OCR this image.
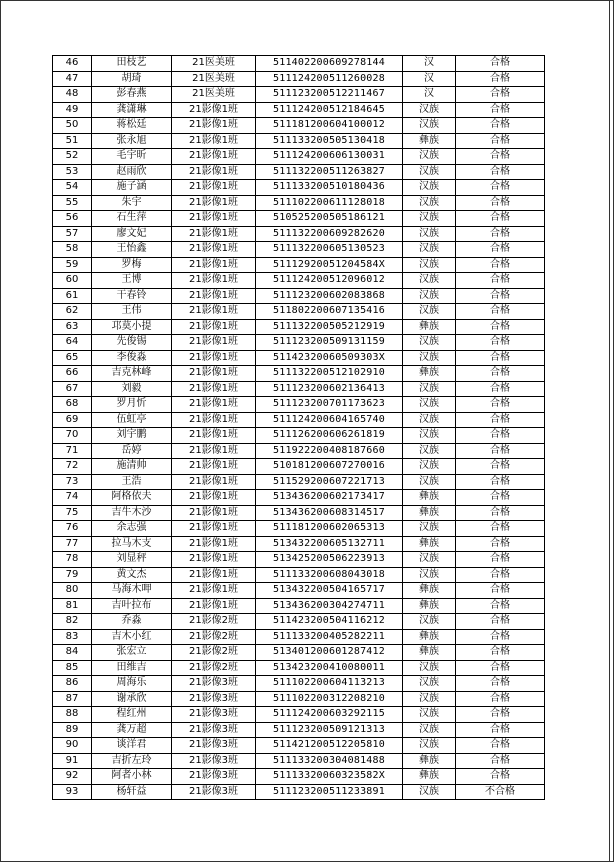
46	田枝艺	21医美班	511402200609278144	汉	合格
47	胡琦	21医美班	511124200511260028	汉	合格
48	彭春燕	21医美班	511123200512211467	汉	合格
49	龚潇琳	21影像1班	511124200512184645	汉族	合格
50	蒋松廷	21影像1班	511181200604100012	汉族	合格
51	张永旭	21影像1班	511133200505130418	彝族	合格
52	毛宇昕	21影像1班	511124200606130031	汉族	合格
53	赵雨欣	21影像1班	511132200511263827	汉族	合格
54	施子涵	21影像1班	511133200510180436	汉族	合格
55	朱宇	21影像1班	511102200611128018	汉族	合格
56	石生萍	21影像1班	510525200505186121	汉族	合格
57	廖文妃	21影像1班	511132200609282620	汉族	合格
58	王怡鑫	21影像1班	511132200605130523	汉族	合格
59	罗梅	21影像1班	51112920051204584X	汉族	合格
60	王博	21影像1班	511124200512096012	汉族	合格
61	干春铃	21影像1班	511123200602083868	汉族	合格
62	王伟	21影像1班	511802200607135416	汉族	合格
63	邛莫小提	21影像1班	511132200505212919	彝族	合格
64	先俊锡	21影像1班	511123200509131159	汉族	合格
65	李俊淼	21影像1班	51142320060509303X	汉族	合格
66	吉克林峰	21影像1班	511132200512102910	彝族	合格
67	刘毅	21影像1班	511123200602136413	汉族	合格
68	罗月忻	21影像1班	511123200701173623	汉族	合格
69	伍虹亭	21影像1班	511124200604165740	汉族	合格
70	刘宇鹏	21影像1班	511126200606261819	汉族	合格
71	岳婷	21影像1班	511922200408187660	汉族	合格
72	施清帅	21影像1班	510181200607270016	汉族	合格
73	王浩	21影像1班	511529200607221713	汉族	合格
74	阿格依夫	21影像1班	513436200602173417	彝族	合格
75	吉牛木沙	21影像1班	513436200608314517	彝族	合格
76	余志强	21影像1班	511181200602065313	汉族	合格
77	拉马木支	21影像1班	513432200605132711	彝族	合格
78	刘显秤	21影像1班	513425200506223913	汉族	合格
79	黄文杰	21影像1班	511133200608043018	汉族	合格
80	马海木呷	21影像1班	513432200504165717	彝族	合格
81	吉叶拉布	21影像1班	513436200304274711	彝族	合格
82	乔淼	21影像2班	511423200504116212	汉族	合格
83	吉木小红	21影像2班	511133200405282211	彝族	合格
84	张宏立	21影像2班	513401200601287412	彝族	合格
85	田维吉	21影像2班	513423200410080011	汉族	合格
86	周海乐	21影像3班	511102200604113213	汉族	合格
87	谢承欣	21影像3班	511102200312208210	汉族	合格
88	程红州	21影像3班	511124200603292115	汉族	合格
89	龚万超	21影像3班	511123200509121313	汉族	合格
90	谈洋君	21影像3班	511421200512205810	汉族	合格
91	吉折左玲	21影像3班	511133200304081488	彝族	合格
92	阿者小林	21影像3班	51113320060323582X	彝族	合格
93	杨轩益	21影像3班	511123200511233891	汉族	不合格
